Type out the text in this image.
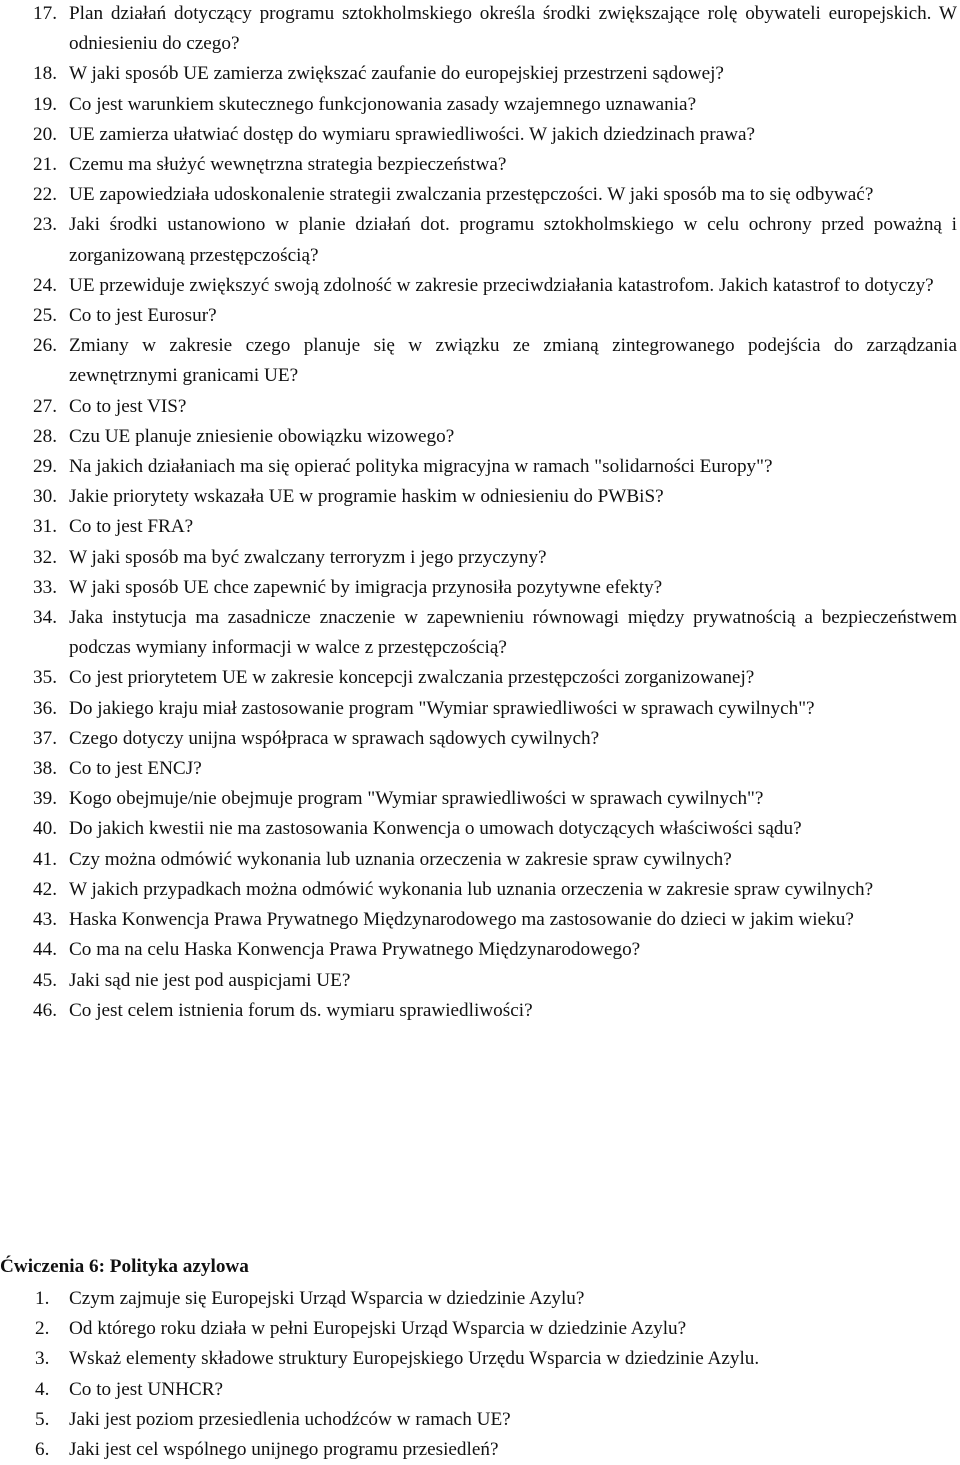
17. Plan działań dotyczący programu sztokholmskiego określa środki zwiększające rolę obywateli europejskich. W odniesieniu do czego?
18. W jaki sposób UE zamierza zwiększać zaufanie do europejskiej przestrzeni sądowej?
19. Co jest warunkiem skutecznego funkcjonowania zasady wzajemnego uznawania?
20. UE zamierza ułatwiać dostęp do wymiaru sprawiedliwości. W jakich dziedzinach prawa?
21. Czemu ma służyć wewnętrzna strategia bezpieczeństwa?
22. UE zapowiedziała udoskonalenie strategii zwalczania przestępczości. W jaki sposób ma to się odbywać?
23. Jaki środki ustanowiono w planie działań dot. programu sztokholmskiego w celu ochrony przed poważną i zorganizowaną przestępczością?
24. UE przewiduje zwiększyć swoją zdolność w zakresie przeciwdziałania katastrofom. Jakich katastrof to dotyczy?
25. Co to jest Eurosur?
26. Zmiany w zakresie czego planuje się w związku ze zmianą zintegrowanego podejścia do zarządzania zewnętrznymi granicami UE?
27. Co to jest VIS?
28. Czu UE planuje zniesienie obowiązku wizowego?
29. Na jakich działaniach ma się opierać polityka migracyjna w ramach "solidarności Europy"?
30. Jakie priorytety wskazała UE w programie haskim w odniesieniu do PWBiS?
31. Co to jest FRA?
32. W jaki sposób ma być zwalczany terroryzm i jego przyczyny?
33. W jaki sposób UE chce zapewnić by imigracja przynosiła pozytywne efekty?
34. Jaka instytucja ma zasadnicze znaczenie w zapewnieniu równowagi między prywatnością a bezpieczeństwem podczas wymiany informacji w walce z przestępczością?
35. Co jest priorytetem UE w zakresie koncepcji zwalczania przestępczości zorganizowanej?
36. Do jakiego kraju miał zastosowanie program "Wymiar sprawiedliwości w sprawach cywilnych"?
37. Czego dotyczy unijna współpraca w sprawach sądowych cywilnych?
38. Co to jest ENCJ?
39. Kogo obejmuje/nie obejmuje program "Wymiar sprawiedliwości w sprawach cywilnych"?
40. Do jakich kwestii nie ma zastosowania Konwencja o umowach dotyczących właściwości sądu?
41. Czy można odmówić wykonania lub uznania orzeczenia w zakresie spraw cywilnych?
42. W jakich przypadkach można odmówić wykonania lub uznania orzeczenia w zakresie spraw cywilnych?
43. Haska Konwencja Prawa Prywatnego Międzynarodowego ma zastosowanie do dzieci w jakim wieku?
44. Co ma na celu Haska Konwencja Prawa Prywatnego Międzynarodowego?
45. Jaki sąd nie jest pod auspicjami UE?
46. Co jest celem istnienia forum ds. wymiaru sprawiedliwości?
Ćwiczenia 6: Polityka azylowa
1. Czym zajmuje się Europejski Urząd Wsparcia w dziedzinie Azylu?
2. Od którego roku działa w pełni Europejski Urząd Wsparcia w dziedzinie Azylu?
3. Wskaż elementy składowe struktury Europejskiego Urzędu Wsparcia w dziedzinie Azylu.
4. Co to jest UNHCR?
5. Jaki jest poziom przesiedlenia uchodźców w ramach UE?
6. Jaki jest cel wspólnego unijnego programu przesiedleń?
